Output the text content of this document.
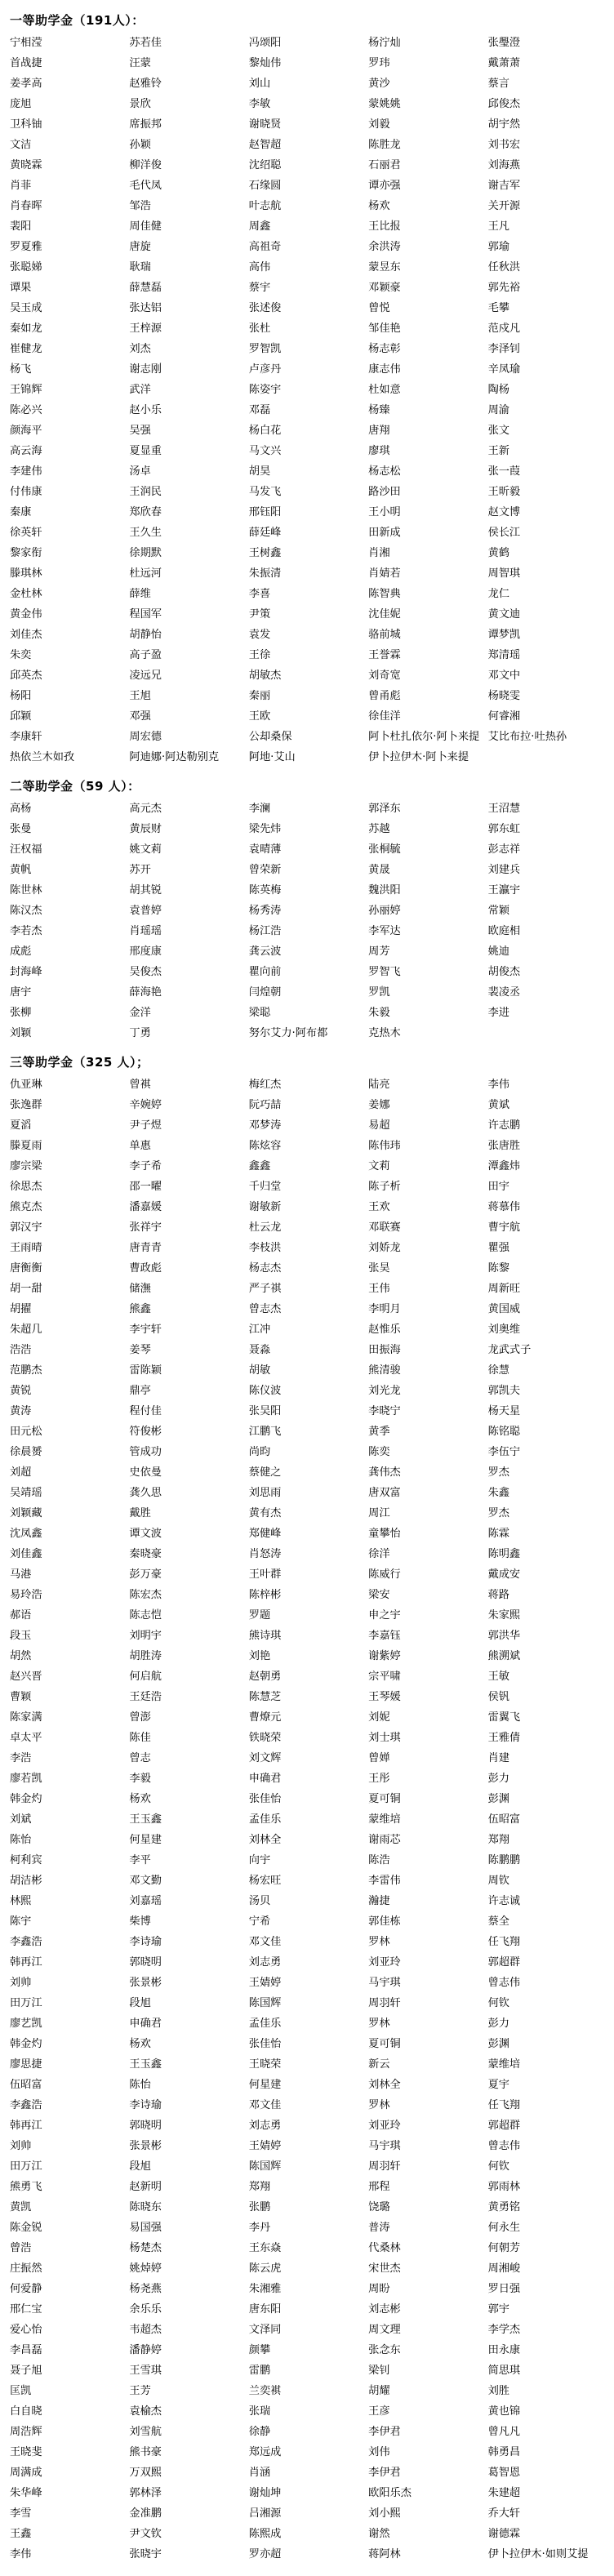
一等助学金（191人）：
宁相滢	苏若佳	冯颂阳	杨泞灿	张璺澄
首战捷	汪蒙	黎灿伟	罗玮	戴萧萧
姜孝高	赵雅铃	刘山	黄沙	蔡言
庞旭	景欣	李敏	蒙姚姚	邱俊杰
卫科铀	席振邦	谢晓贤	刘毅	胡宇然
文洁	孙颖	赵智超	陈胜龙	刘书宏
黄晓霖	柳洋俊	沈绍聪	石丽君	刘海燕
肖菲	毛代凤	石缘圆	谭亦强	谢吉军
肖春晖	邹浩	叶志航	杨欢	关开源
裴阳	周佳健	周鑫	王比报	王凡
罗夏雅	唐旋	高祖奇	余洪涛	郭瑜
张聪娣	耿瑞	高伟	蒙昱东	任秋洪
谭果	薛慧磊	蔡宇	邓颖豪	郭先裕
吴玉成	张达铝	张述俊	曾悦	毛攀
秦如龙	王梓源	张杜	邹佳艳	范戍凡
崔健龙	刘杰	罗智凯	杨志彰	李泽钊
杨飞	谢志刚	卢彦丹	康志伟	辛凤瑜
王锦辉	武洋	陈姿宇	杜如意	陶杨
陈必兴	赵小乐	邓磊	杨臻	周渝
颜海平	吴强	杨白花	唐翔	张文
高云海	夏显重	马文兴	廖琪	王新
李建伟	汤卓	胡昊	杨志松	张一葭
付伟康	王润民	马发飞	路沙田	王昕毅
秦康	郑欣春	邢钰阳	王小明	赵文博
徐英轩	王久生	薛廷峰	田新成	侯长江
黎家衔	徐期默	王树鑫	肖湘	黄鹤
滕琪林	杜远河	朱振清	肖婧若	周智琪
金杜林	薛维	李喜	陈智典	龙仁
黄金伟	程国军	尹策	沈佳妮	黄文迪
刘佳杰	胡静怡	袁发	骆前城	谭梦凯
朱奕	高子盈	王徐	王誉霖	郑清瑶
邱英杰	凌远兄	胡敏杰	刘奇宽	邓文中
杨阳	王旭	秦丽	曾甬彪	杨晓雯
邱颖	邓强	王欧	徐佳洋	何睿湘
李康轩	周宏德	公却桑保	阿卜杜扎依尔·阿卜来提 艾比布拉·吐热孙
热依兰木如孜	阿迪娜·阿达勒别克	阿地·艾山	伊卜拉伊木·阿卜来提
二等助学金（59 人）：
高杨	高元杰	李澜	郭泽东	王沼慧
张曼	黄辰财	梁先炜	苏越	郭东虹
汪权福	姚文莉	袁晴薄	张桐毓	彭志祥
黄帆	苏开	曾荣新	黄晟	刘建兵
陈世林	胡其锐	陈英梅	魏洪阳	王瀛宇
陈汉杰	袁普婷	杨秀涛	孙丽婷	常颖
李若杰	肖瑶瑶	杨江浩	李军达	欧庭相
成彪	邢度康	龚云波	周芳	姚迪
封海峰	吴俊杰	瞿向前	罗智飞	胡俊杰
唐宇	薛海艳	闫煌朝	罗凯	裴凌丞
张柳	金洋	梁聪	朱毅	李进
刘颖	丁勇	努尔艾力·阿布都	克热木
三等助学金（325 人）；
仇亚琳	曾褀	梅红杰	陆亮	李伟
张逸群	辛婉婷	阮巧喆	姜娜	黄斌
夏滔	尹子煜	邓梦涛	易超	许志鹏
滕夏雨	单惠	陈炫容	陈伟玮	张唐胜
廖宗梁	李子希	鑫鑫	文莉	潭鑫炜
徐思杰	邵一曜	千归堂	陈子析	田宇
熊克杰	潘嘉媛	谢敏新	王欢	蒋慕伟
郭汉宇	张祥宇	杜云龙	邓联赛	曹宇航
王雨晴	唐青青	李枝洪	刘娇龙	瞿强
唐衡衡	曹政彪	杨志杰	张昊	陈黎
胡一甜	储潕	严子祺	王伟	周新旺
胡擢	熊鑫	曾志杰	李明月	黄国威
朱超几	李宇轩	江冲	赵惟乐	刘奥维
浩浩	姜琴	聂淼	田振海	龙武式子
范鹏杰	雷陈颖	胡敏	熊清骏	徐慧
黄锐	鼎亭	陈仪波	刘光龙	郭凯夫
黄涛	程付佳	张吴阳	李晓宁	杨天星
田元松	符俊彬	江鹏飞	黄季	陈铭聪
徐晨赟	管成功	尚昀	陈奕	李伍宁
刘超	史依曼	蔡健之	龚伟杰	罗杰
吴靖瑶	龚久思	刘思雨	唐双富	朱鑫
刘颖藏	戴胜	黄有杰	周江	罗杰
沈凤鑫	谭文波	郑健峰	童攀怡	陈霖
刘佳鑫	秦晓豪	肖怒涛	徐洋	陈明鑫
马港	彭万豪	王叶群	陈威行	戴成安
易玲浩	陈宏杰	陈梓彬	梁安	蒋路
郝语	陈志恺	罗题	申之宇	朱家熙
段玉	刘明宇	熊诗琪	李嘉钰	郭洪华
胡然	胡胜涛	刘艳	谢紫婷	熊溯斌
赵兴晋	何启航	赵朝勇	宗平啸	王敏
曹颖	王廷浩	陈慧芝	王琴媛	侯钒
陈家满	曾澎	曹燎元	刘妮	雷翼飞
卓太平	陈佳	铁晓荣	刘士琪	王雅倩
李浩	曾志	刘文辉	曾婵	肖建
廖若凯	李毅	申确君	王彤	彭力
韩金灼	杨欢	张佳怡	夏可铜	彭渊
刘斌	王玉鑫	孟佳乐	蒙维培	伍昭富
陈怡	何星建	刘林全	谢雨芯	郑翔
柯利宾	李平	向宇	陈浩	陈鹏鹏
胡洁彬	邓文勤	杨宏旺	李雷伟	周钦
林熙	刘嘉瑶	汤贝	瀚捷	许志诚
陈宇	柴博	宁希	郭佳栋	蔡全
李鑫浩	李诗瑜	邓文佳	罗林	任飞翔
韩再江	郭晓明	刘志勇	刘亚玲	郭超群
刘帅	张景彬	王婧婷	马宇琪	曾志伟
田万江	段旭	陈国辉	周羽轩	何钦
廖艺凯	申确君	孟佳乐	罗林	彭力
韩金灼	杨欢	张佳怡	夏可铜	彭渊
廖思捷	王玉鑫	王晓荣	新云	蒙维培
伍昭富	陈怡	何星建	刘林全	夏宇
李鑫浩	李诗瑜	邓文佳	罗林	任飞翔
韩再江	郭晓明	刘志勇	刘亚玲	郭超群
刘帅	张景彬	王婧婷	马宇琪	曾志伟
田万江	段旭	陈国辉	周羽轩	何钦
熊勇飞	赵新明	郑翔	邢程	郭雨林
黄凯	陈晓东	张鹏	饶璐	黄勇铭
陈金锐	易国强	李丹	普涛	何永生
曾浩	杨楚杰	王东焱	代桑林	何朝芳
庄振然	姚焯婷	陈云虎	宋世杰	周湘峻
何爱静	杨尧燕	朱湘雅	周盼	罗日强
邢仁宝	余乐乐	唐东阳	刘志彬	郭宇
爱心怡	韦超杰	文泽同	周文理	李学杰
李昌磊	潘静婷	颜攀	张念东	田永康
聂子旭	王雪琪	雷鹏	梁钊	简思琪
匡凯	王芳	兰奕褀	胡耀	刘胜
白自晓	袁榆杰	张瑞	王彦	黄也锦
周浩辉	刘雪航	徐静	李伊君	曾凡凡
王晓斐	熊书豪	郑远成	刘伟	韩勇昌
周满成	万双熙	肖涵	李伊君	葛智恩
朱华峰	郭林泽	谢灿坤	欧阳乐杰	朱建超
李雪	金准鹏	吕湘源	刘小熙	乔大轩
王鑫	尹文钦	陈熙成	谢然	谢德霖
李伟	张晓宇	罗亦超	蒋阿林	伊卜拉伊木·如则艾提
